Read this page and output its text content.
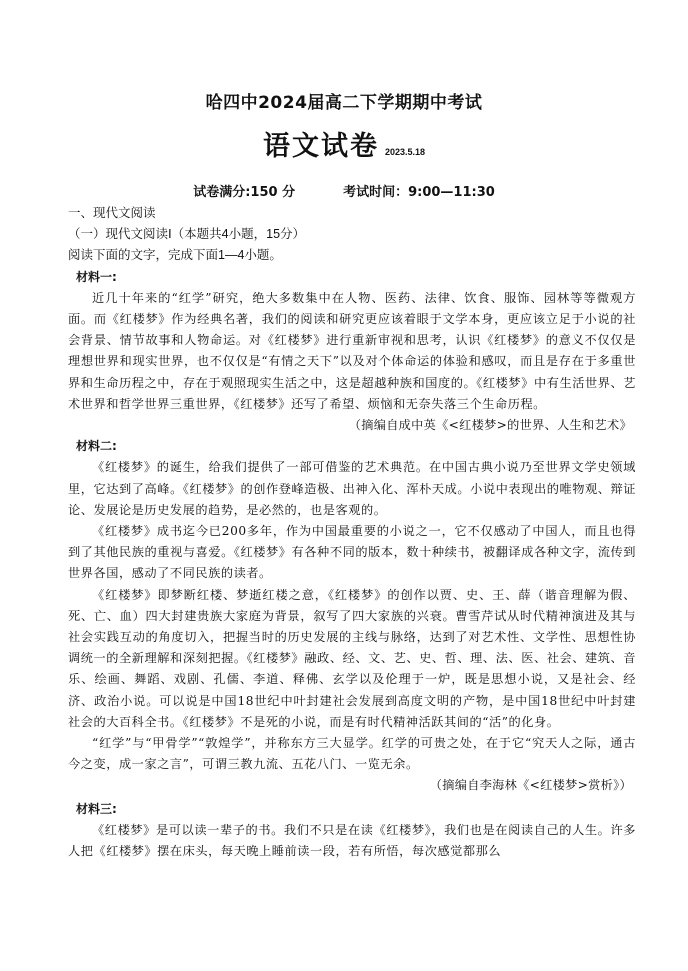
哈四中2024届高二下学期期中考试
语文试卷 2023.5.18
试卷满分:150 分	考试时间：9:00—11:30
一、现代文阅读
（一）现代文阅读Ⅰ（本题共4小题，15分）
阅读下面的文字，完成下面1—4小题。
材料一:

近几十年来的“红学”研究，绝大多数集中在人物、医药、法律、饮食、服饰、园林等等微观方面。而《红楼梦》作为经典名著，我们的阅读和研究更应该着眼于文学本身，更应该立足于小说的社会背景、情节故事和人物命运。对《红楼梦》进行重新审视和思考，认识《红楼梦》的意义不仅仅是理想世界和现实世界，也不仅仅是“有情之天下”以及对个体命运的体验和感叹，而且是存在于多重世界和生命历程之中，存在于观照现实生活之中，这是超越种族和国度的。《红楼梦》中有生活世界、艺术世界和哲学世界三重世界，《红楼梦》还写了希望、烦恼和无奈失落三个生命历程。

（摘编自成中英《<红楼梦>的世界、人生和艺术》
材料二:

《红楼梦》的诞生，给我们提供了一部可借鉴的艺术典范。在中国古典小说乃至世界文学史领域里，它达到了高峰。《红楼梦》的创作登峰造极、出神入化、浑朴天成。小说中表现出的唯物观、辩证论、发展论是历史发展的趋势，是必然的，也是客观的。

《红楼梦》成书迄今已200多年，作为中国最重要的小说之一，它不仅感动了中国人，而且也得到了其他民族的重视与喜爱。《红楼梦》有各种不同的版本，数十种续书，被翻译成各种文字，流传到世界各国，感动了不同民族的读者。

《红楼梦》即梦断红楼、梦逝红楼之意，《红楼梦》的创作以贾、史、王、薛（谐音理解为假、死、亡、血）四大封建贵族大家庭为背景，叙写了四大家族的兴衰。曹雪芹试从时代精神演进及其与社会实践互动的角度切入，把握当时的历史发展的主线与脉络，达到了对艺术性、文学性、思想性协调统一的全新理解和深刻把握。《红楼梦》融政、经、文、艺、史、哲、理、法、医、社会、建筑、音乐、绘画、舞蹈、戏剧、孔儒、李道、释佛、玄学以及伦理于一炉，既是思想小说，又是社会、经济、政治小说。可以说是中国18世纪中叶封建社会发展到高度文明的产物，是中国18世纪中叶封建社会的大百科全书。《红楼梦》不是死的小说，而是有时代精神活跃其间的“活”的化身。

“红学”与“甲骨学”“敦煌学”，并称东方三大显学。红学的可贵之处，在于它“究天人之际，通古今之变，成一家之言”，可谓三教九流、五花八门、一览无余。

（摘编自李海林《<红楼梦>赏析》）
材料三:

《红楼梦》是可以读一辈子的书。我们不只是在读《红楼梦》，我们也是在阅读自己的人生。许多人把《红楼梦》摆在床头，每天晚上睡前读一段，若有所悟，每次感觉都那么
